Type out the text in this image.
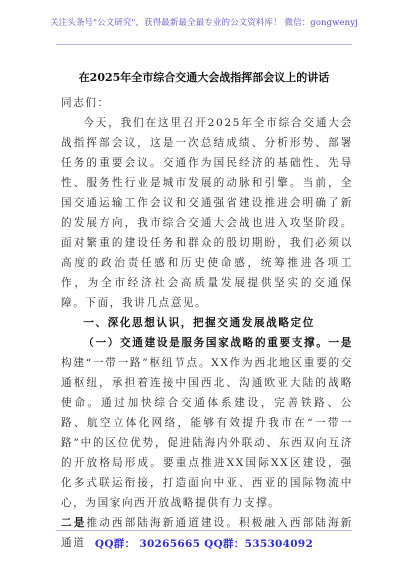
关注头条号"公文研究"，获得最新最全最专业的公文资料库！ 微信：gongwenyj
在2025年全市综合交通大会战指挥部会议上的讲话

同志们：

今天，我们在这里召开2025年全市综合交通大会战指挥部会议，这是一次总结成绩、分析形势、部署任务的重要会议。交通作为国民经济的基础性、先导性、服务性行业是城市发展的动脉和引擎。当前，全国交通运输工作会议和交通强省建设推进会明确了新的发展方向，我市综合交通大会战也进入攻坚阶段。面对繁重的建设任务和群众的殷切期盼，我们必须以高度的政治责任感和历史使命感，统筹推进各项工作，为全市经济社会高质量发展提供坚实的交通保障。下面，我讲几点意见。

一、深化思想认识，把握交通发展战略定位

（一）交通建设是服务国家战略的重要支撑。一是构建“一带一路”枢纽节点。XX作为西北地区重要的交通枢纽，承担着连接中国西北、沟通欧亚大陆的战略使命。通过加快综合交通体系建设，完善铁路、公路、航空立体化网络，能够有效提升我市在“一带一路”中的区位优势，促进陆海内外联动、东西双向互济的开放格局形成。要重点推进XX国际XX区建设，强化多式联运衔接，打造面向中亚、西亚的国际物流中心，为国家向西开放战略提供有力支撑。

二是推动西部陆海新通道建设。积极融入西部陆海新通道 QQ群： 30265665 QQ群：535304092
